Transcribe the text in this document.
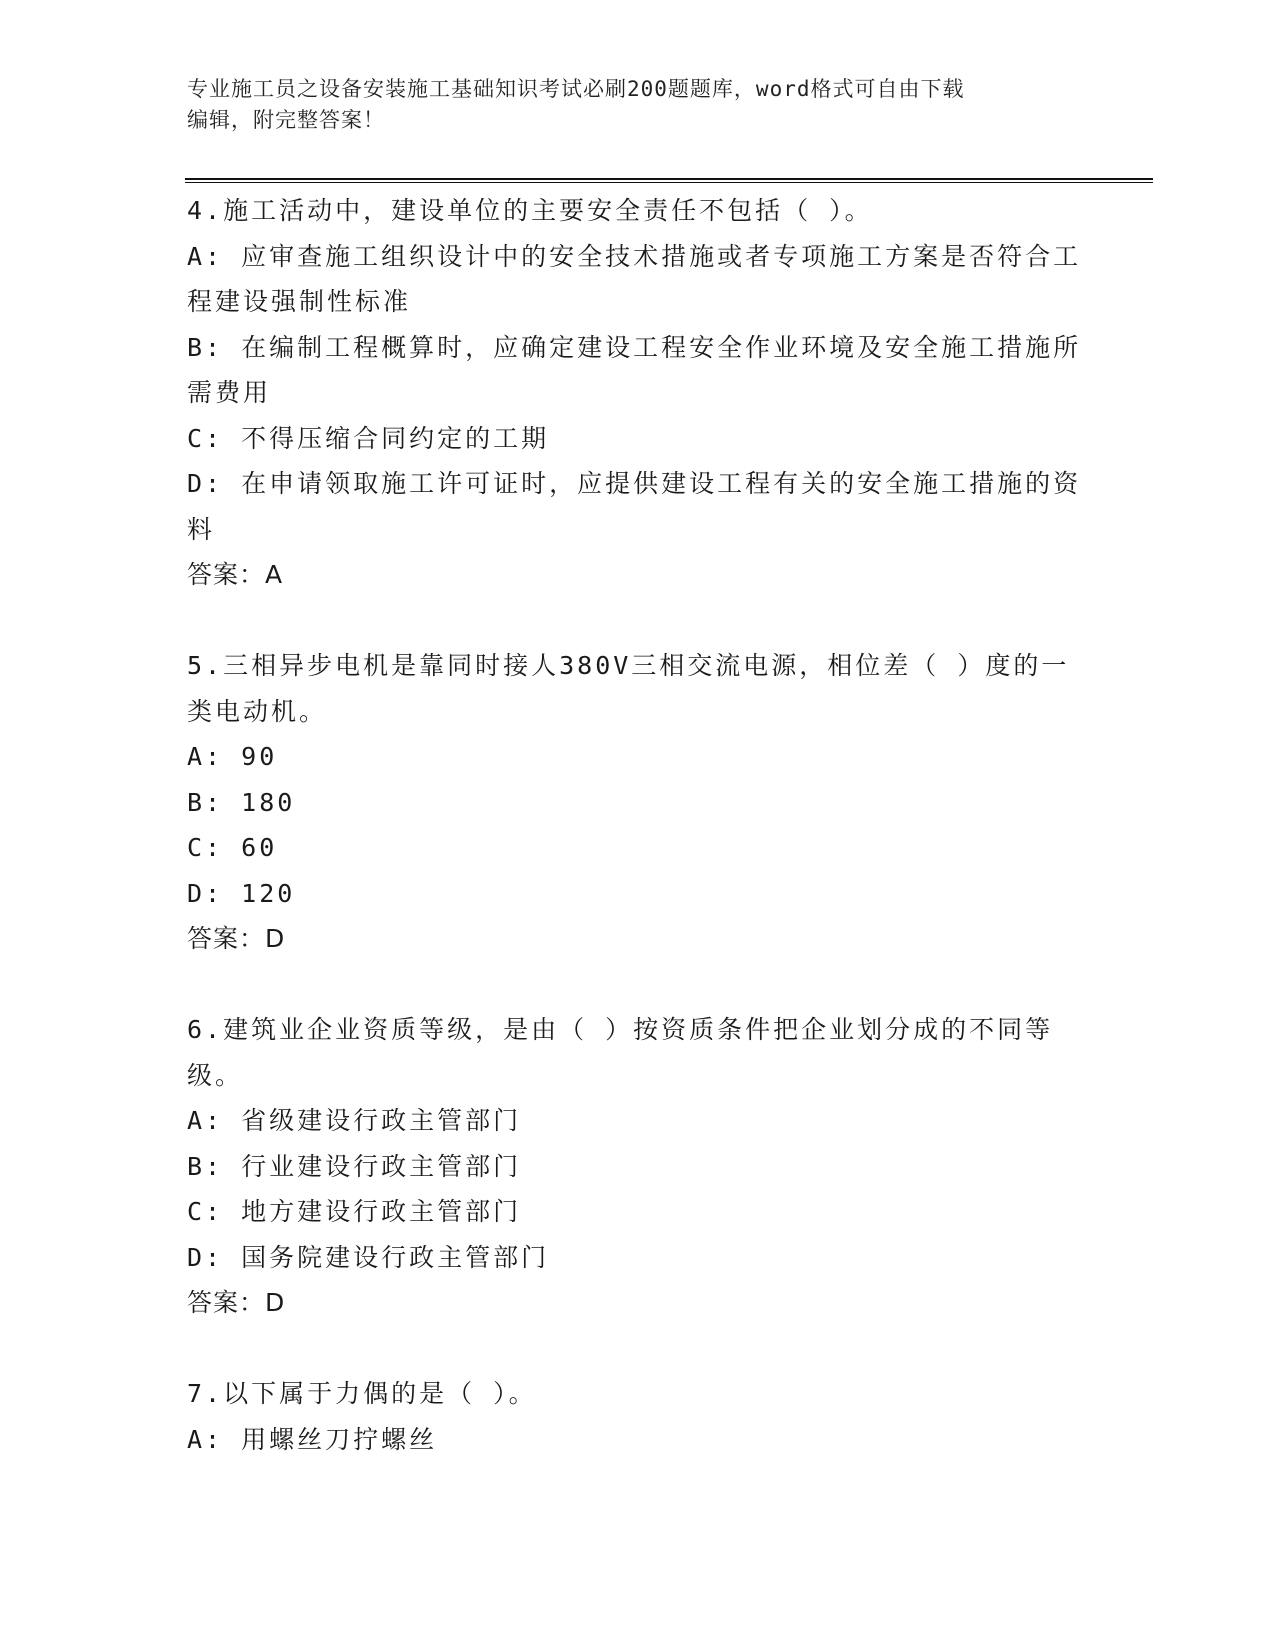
专业施工员之设备安装施工基础知识考试必刷200题题库，word格式可自由下载
编辑，附完整答案！
4.施工活动中，建设单位的主要安全责任不包括（ ）。
A: 应审查施工组织设计中的安全技术措施或者专项施工方案是否符合工程建设强制性标准
B: 在编制工程概算时，应确定建设工程安全作业环境及安全施工措施所需费用
C: 不得压缩合同约定的工期
D: 在申请领取施工许可证时，应提供建设工程有关的安全施工措施的资料
答案：A
5.三相异步电机是靠同时接人380V三相交流电源，相位差（ ）度的一类电动机。
A: 90
B: 180
C: 60
D: 120
答案：D
6.建筑业企业资质等级，是由（ ）按资质条件把企业划分成的不同等级。
A: 省级建设行政主管部门
B: 行业建设行政主管部门
C: 地方建设行政主管部门
D: 国务院建设行政主管部门
答案：D
7.以下属于力偶的是（ ）。
A: 用螺丝刀拧螺丝
